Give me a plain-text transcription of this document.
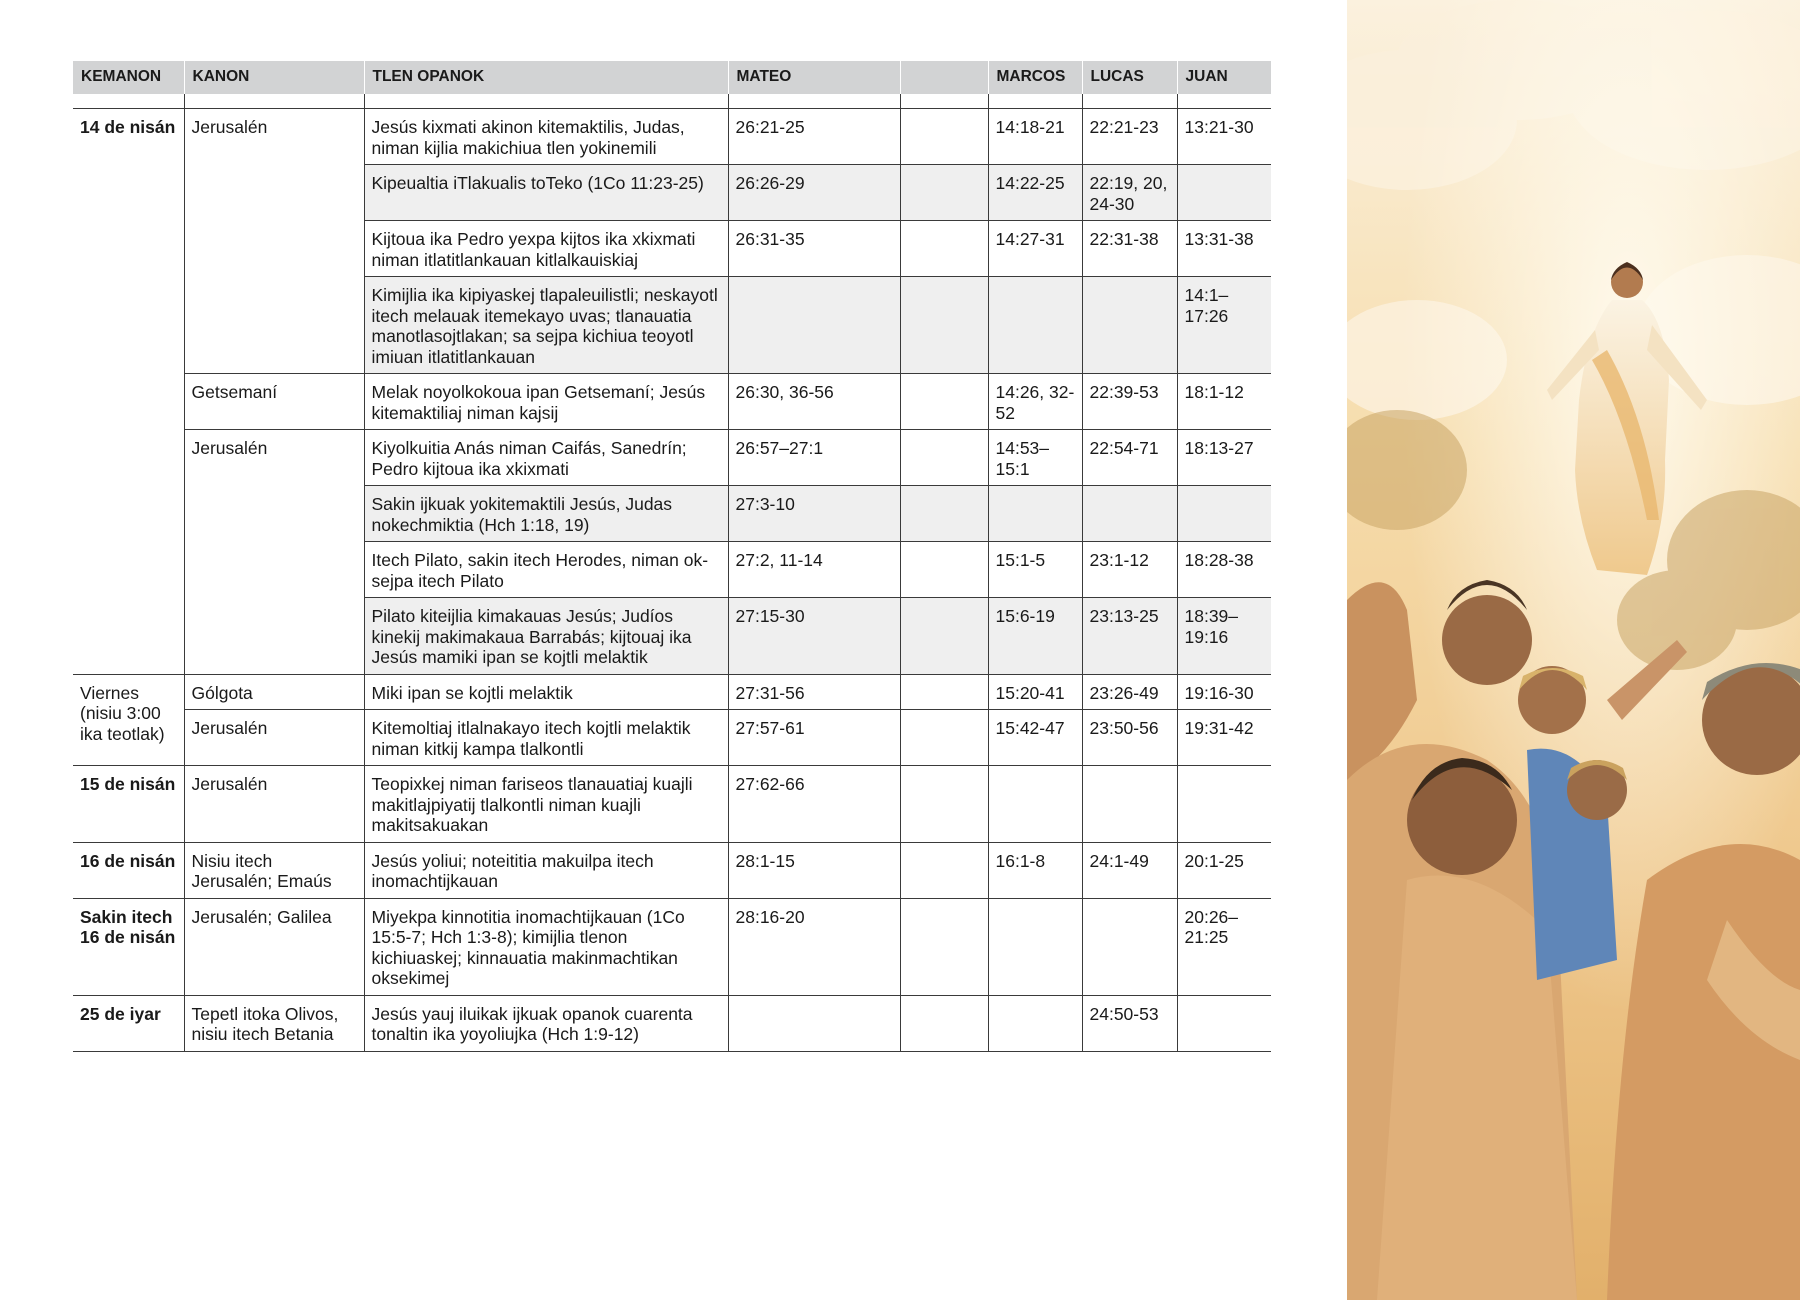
KEMANON	KANON	TLEN OPANOK	MATEO		MARCOS	LUCAS	JUAN

14 de nisán	Jerusalén	Jesús kixmati akinon kitemaktilis, Judas, niman kijlia makichiua tlen yokinemili	26:21-25		14:18-21	22:21-23	13:21-30
		Kipeualtia iTlakualis toTeko (1Co 11:23-25)	26:26-29		14:22-25	22:19, 20, 24-30	
		Kijtoua ika Pedro yexpa kijtos ika xkixmati niman itlatitlankauan kitlalkauiskiaj	26:31-35		14:27-31	22:31-38	13:31-38
		Kimijlia ika kipiyaskej tlapaleuilistli; neskayotl itech melauak itemekayo uvas; tlanauatia manotlasojtlakan; sa sejpa kichiua teoyotl imiuan itlatitlankauan					14:1–17:26
	Getsemaní	Melak noyolkokoua ipan Getsemaní; Jesús kitemaktiliaj niman kajsij	26:30, 36-56		14:26, 32-52	22:39-53	18:1-12
	Jerusalén	Kiyolkuitia Anás niman Caifás, Sanedrín; Pedro kijtoua ika xkixmati	26:57–27:1		14:53–15:1	22:54-71	18:13-27
		Sakin ijkuak yokitemaktili Jesús, Judas nokechmiktia (Hch 1:18, 19)	27:3-10				
		Itech Pilato, sakin itech Herodes, niman ok-sejpa itech Pilato	27:2, 11-14		15:1-5	23:1-12	18:28-38
		Pilato kiteijlia kimakauas Jesús; Judíos kinekij makimakaua Barrabás; kijtouaj ika Jesús mamiki ipan se kojtli melaktik	27:15-30		15:6-19	23:13-25	18:39–19:16
Viernes (nisiu 3:00 ika teotlak)	Gólgota	Miki ipan se kojtli melaktik	27:31-56		15:20-41	23:26-49	19:16-30
	Jerusalén	Kitemoltiaj itlalnakayo itech kojtli melaktik niman kitkij kampa tlalkontli	27:57-61		15:42-47	23:50-56	19:31-42
15 de nisán	Jerusalén	Teopixkej niman fariseos tlanauatiaj kuajli makitlajpiyatij tlalkontli niman kuajli makitsakuakan	27:62-66				
16 de nisán	Nisiu itech Jerusalén; Emaús	Jesús yoliui; noteititia makuilpa itech inomachtijkauan	28:1-15		16:1-8	24:1-49	20:1-25
Sakin itech 16 de nisán	Jerusalén; Galilea	Miyekpa kinnotitia inomachtijkauan (1Co 15:5-7; Hch 1:3-8); kimijlia tlenon kichiuaskej; kinnauatia makinmachtikan oksekimej	28:16-20				20:26–21:25
25 de iyar	Tepetl itoka Olivos, nisiu itech Betania	Jesús yauj iluikak ijkuak opanok cuarenta tonaltin ika yoyoliujka (Hch 1:9-12)				24:50-53	
